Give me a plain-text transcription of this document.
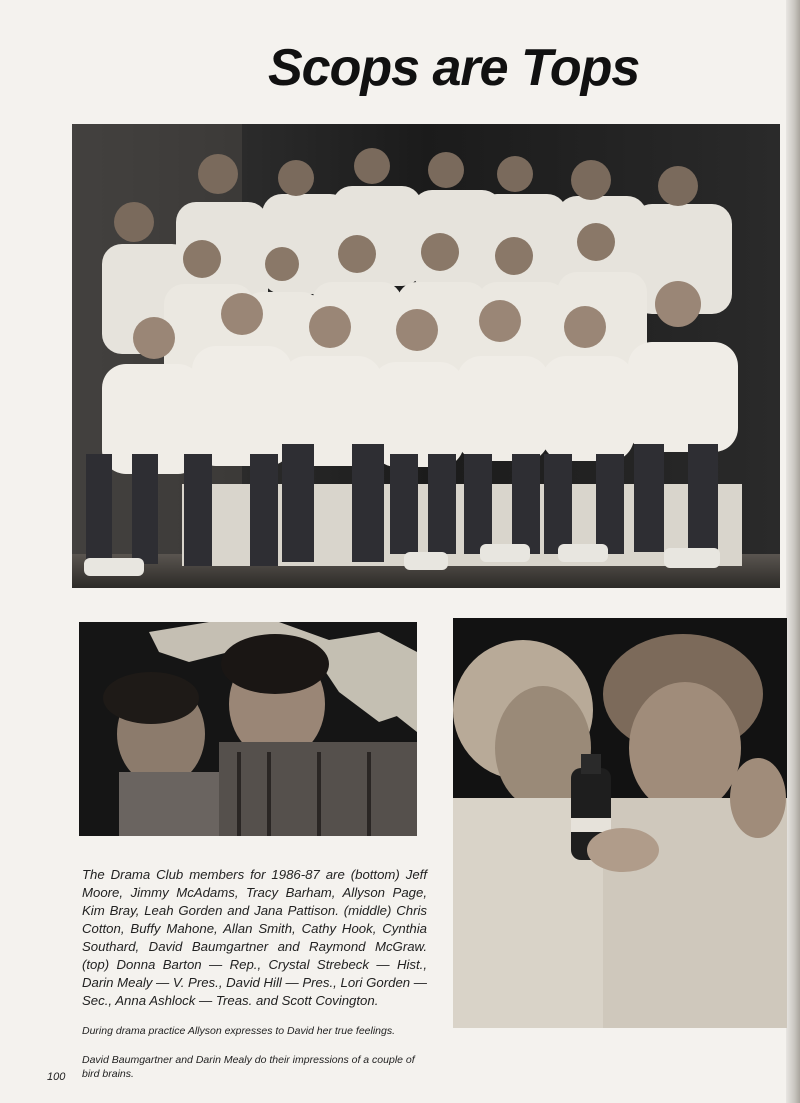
Scops are Tops

The Drama Club members for 1986-87 are (bottom) Jeff Moore, Jimmy McAdams, Tracy Barham, Allyson Page, Kim Bray, Leah Gorden and Jana Pattison. (middle) Chris Cotton, Buffy Mahone, Allan Smith, Cathy Hook, Cynthia Southard, David Baumgartner and Raymond McGraw. (top) Donna Barton — Rep., Crystal Strebeck — Hist., Darin Mealy — V. Pres., David Hill — Pres., Lori Gorden — Sec., Anna Ashlock — Treas. and Scott Covington.

During drama practice Allyson expresses to David her true feelings.

David Baumgartner and Darin Mealy do their impressions of a couple of bird brains.

100
